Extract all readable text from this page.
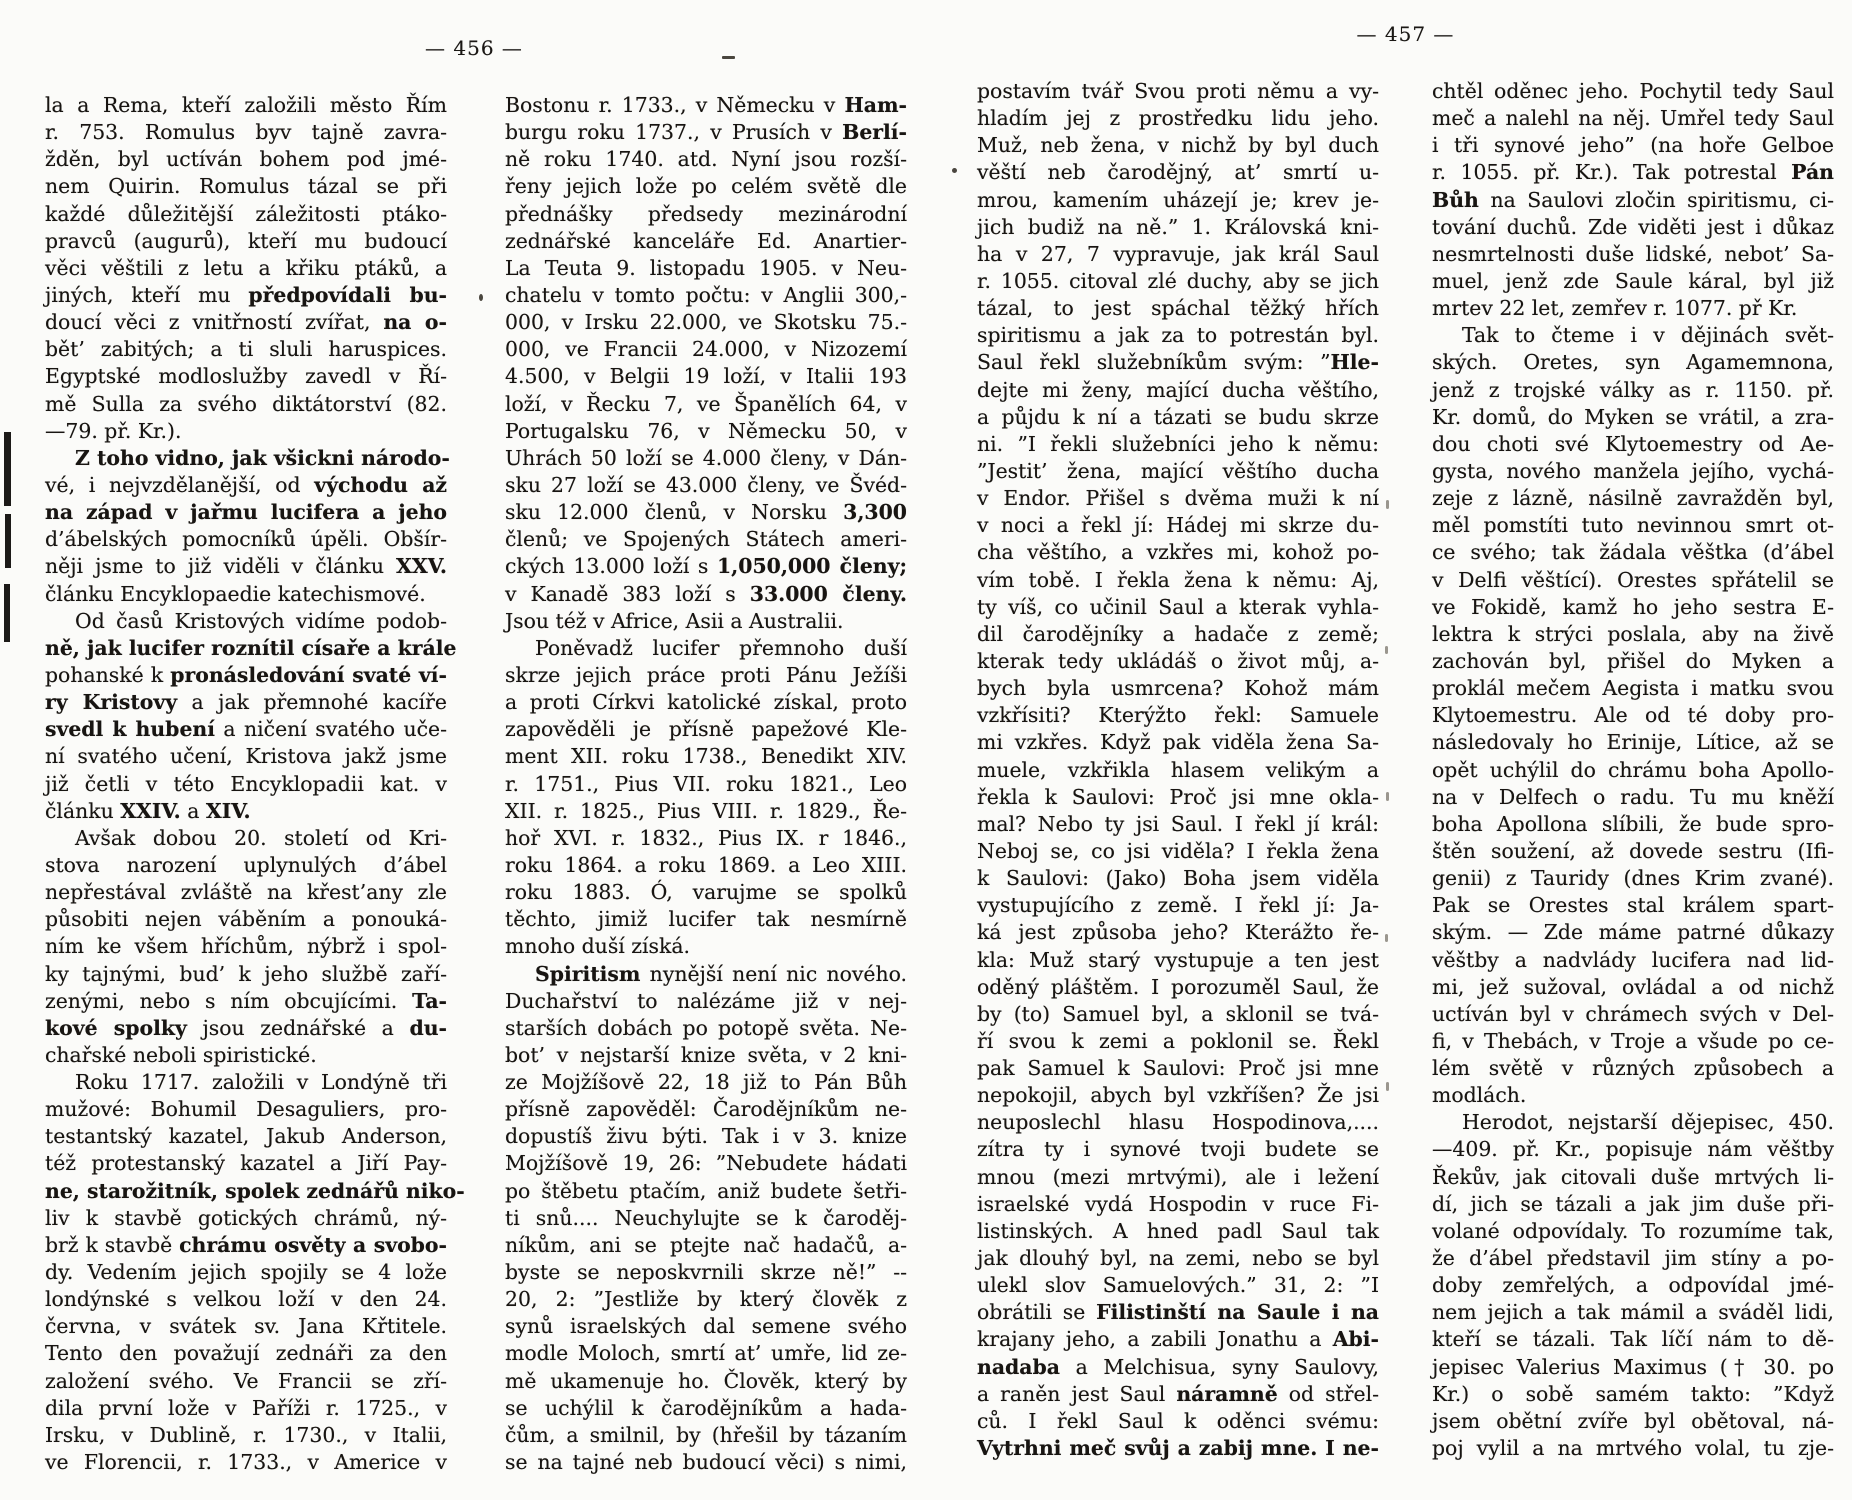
— 456 —
la a Rema, kteří založili město Řím
r. 753. Romulus byv tajně zavra-
žděn, byl uctíván bohem pod jmé-
nem Quirin. Romulus tázal se při
každé důležitější záležitosti ptáko-
pravců (augurů), kteří mu budoucí
věci věštili z letu a křiku ptáků, a
jiných, kteří mu předpovídali bu-
doucí věci z vnitřností zvířat, na o-
bět’ zabitých; a ti sluli haruspices.
Egyptské modloslužby zavedl v Ří-
mě Sulla za svého diktátorství (82.
—79. př. Kr.).
Z toho vidno, jak všickni národo-
vé, i nejvzdělanější, od východu až
na západ v jařmu lucifera a jeho
d’ábelských pomocníků úpěli. Obšír-
něji jsme to již viděli v článku XXV.
článku Encyklopaedie katechismové.
Od časů Kristových vidíme podob-
ně, jak lucifer roznítil císaře a krále
pohanské k pronásledování svaté ví-
ry Kristovy a jak přemnohé kacíře
svedl k hubení a ničení svatého uče-
ní svatého učení, Kristova jakž jsme
již četli v této Encyklopadii kat. v
článku XXIV. a XIV.
Avšak dobou 20. století od Kri-
stova narození uplynulých d’ábel
nepřestával zvláště na křest’any zle
působiti nejen váběním a ponouká-
ním ke všem hříchům, nýbrž i spol-
ky tajnými, bud’ k jeho službě zaří-
zenými, nebo s ním obcujícími. Ta-
kové spolky jsou zednářské a du-
chařské neboli spiristické.
Roku 1717. založili v Londýně tři
mužové: Bohumil Desaguliers, pro-
testantský kazatel, Jakub Anderson,
též protestanský kazatel a Jiří Pay-
ne, starožitník, spolek zednářů niko-
liv k stavbě gotických chrámů, ný-
brž k stavbě chrámu osvěty a svobo-
dy. Vedením jejich spojily se 4 lože
londýnské s velkou loží v den 24.
června, v svátek sv. Jana Křtitele.
Tento den považují zednáři za den
založení svého. Ve Francii se zří-
dila první lože v Paříži r. 1725., v
Irsku, v Dublině, r. 1730., v Italii,
ve Florencii, r. 1733., v Americe v
Bostonu r. 1733., v Německu v Ham-
burgu roku 1737., v Prusích v Berlí-
ně roku 1740. atd. Nyní jsou rozší-
řeny jejich lože po celém světě dle
přednášky předsedy mezinárodní
zednářské kanceláře Ed. Anartier-
La Teuta 9. listopadu 1905. v Neu-
chatelu v tomto počtu: v Anglii 300,-
000, v Irsku 22.000, ve Skotsku 75.-
000, ve Francii 24.000, v Nizozemí
4.500, v Belgii 19 loží, v Italii 193
loží, v Řecku 7, ve Španělích 64, v
Portugalsku 76, v Německu 50, v
Uhrách 50 loží se 4.000 členy, v Dán-
sku 27 loží se 43.000 členy, ve Švéd-
sku 12.000 členů, v Norsku 3,300
členů; ve Spojených Státech ameri-
ckých 13.000 loží s 1,050,000 členy;
v Kanadě 383 loží s 33.000 členy.
Jsou též v Africe, Asii a Australii.
Poněvadž lucifer přemnoho duší
skrze jejich práce proti Pánu Ježíši
a proti Církvi katolické získal, proto
zapověděli je přísně papežové Kle-
ment XII. roku 1738., Benedikt XIV.
r. 1751., Pius VII. roku 1821., Leo
XII. r. 1825., Pius VIII. r. 1829., Ře-
hoř XVI. r. 1832., Pius IX. r 1846.,
roku 1864. a roku 1869. a Leo XIII.
roku 1883. Ó, varujme se spolků
těchto, jimiž lucifer tak nesmírně
mnoho duší získá.
Spiritism nynější není nic nového.
Duchařství to nalézáme již v nej-
starších dobách po potopě světa. Ne-
bot’ v nejstarší knize světa, v 2 kni-
ze Mojžíšově 22, 18 již to Pán Bůh
přísně zapověděl: Čarodějníkům ne-
dopustíš živu býti. Tak i v 3. knize
Mojžíšově 19, 26: ”Nebudete hádati
po štěbetu ptačím, aniž budete šetři-
ti snů.... Neuchylujte se k čaroděj-
níkům, ani se ptejte nač hadačů, a-
byste se neposkvrnili skrze ně!” --
20, 2: ”Jestliže by který člověk z
synů israelských dal semene svého
modle Moloch, smrtí at’ umře, lid ze-
mě ukamenuje ho. Člověk, který by
se uchýlil k čarodějníkům a hada-
čům, a smilnil, by (hřešil by tázaním
se na tajné neb budoucí věci) s nimi,
— 457 —
postavím tvář Svou proti němu a vy-
hladím jej z prostředku lidu jeho.
Muž, neb žena, v nichž by byl duch
věští neb čarodějný, at’ smrtí u-
mrou, kamením uházejí je; krev je-
jich budiž na ně.” 1. Královská kni-
ha v 27, 7 vypravuje, jak král Saul
r. 1055. citoval zlé duchy, aby se jich
tázal, to jest spáchal těžký hřích
spiritismu a jak za to potrestán byl.
Saul řekl služebníkům svým: ”Hle-
dejte mi ženy, mající ducha věštího,
a půjdu k ní a tázati se budu skrze
ni. ”I řekli služebníci jeho k němu:
”Jestit’ žena, mající věštího ducha
v Endor. Přišel s dvěma muži k ní
v noci a řekl jí: Hádej mi skrze du-
cha věštího, a vzkřes mi, kohož po-
vím tobě. I řekla žena k němu: Aj,
ty víš, co učinil Saul a kterak vyhla-
dil čarodějníky a hadače z země;
kterak tedy ukládáš o život můj, a-
bych byla usmrcena? Kohož mám
vzkřísiti? Kterýžto řekl: Samuele
mi vzkřes. Když pak viděla žena Sa-
muele, vzkřikla hlasem velikým a
řekla k Saulovi: Proč jsi mne okla-
mal? Nebo ty jsi Saul. I řekl jí král:
Neboj se, co jsi viděla? I řekla žena
k Saulovi: (Jako) Boha jsem viděla
vystupujícího z země. I řekl jí: Ja-
ká jest způsoba jeho? Kterážto ře-
kla: Muž starý vystupuje a ten jest
oděný pláštěm. I porozuměl Saul, že
by (to) Samuel byl, a sklonil se tvá-
ří svou k zemi a poklonil se. Řekl
pak Samuel k Saulovi: Proč jsi mne
nepokojil, abych byl vzkříšen? Že jsi
neuposlechl hlasu Hospodinova,....
zítra ty i synové tvoji budete se
mnou (mezi mrtvými), ale i ležení
israelské vydá Hospodin v ruce Fi-
listinských. A hned padl Saul tak
jak dlouhý byl, na zemi, nebo se byl
ulekl slov Samuelových.” 31, 2: ”I
obrátili se Filistinští na Saule i na
krajany jeho, a zabili Jonathu a Abi-
nadaba a Melchisua, syny Saulovy,
a raněn jest Saul náramně od střel-
ců. I řekl Saul k oděnci svému:
Vytrhni meč svůj a zabij mne. I ne-
chtěl oděnec jeho. Pochytil tedy Saul
meč a nalehl na něj. Umřel tedy Saul
i tři synové jeho” (na hoře Gelboe
r. 1055. př. Kr.). Tak potrestal Pán
Bůh na Saulovi zločin spiritismu, ci-
tování duchů. Zde viděti jest i důkaz
nesmrtelnosti duše lidské, nebot’ Sa-
muel, jenž zde Saule káral, byl již
mrtev 22 let, zemřev r. 1077. př Kr.
Tak to čteme i v dějinách svět-
ských. Oretes, syn Agamemnona,
jenž z trojské války as r. 1150. př.
Kr. domů, do Myken se vrátil, a zra-
dou choti své Klytoemestry od Ae-
gysta, nového manžela jejího, vychá-
zeje z lázně, násilně zavražděn byl,
měl pomstíti tuto nevinnou smrt ot-
ce svého; tak žádala věštka (d’ábel
v Delfi věštící). Orestes spřátelil se
ve Fokidě, kamž ho jeho sestra E-
lektra k strýci poslala, aby na živě
zachován byl, přišel do Myken a
proklál mečem Aegista i matku svou
Klytoemestru. Ale od té doby pro-
následovaly ho Erinije, Lítice, až se
opět uchýlil do chrámu boha Apollo-
na v Delfech o radu. Tu mu kněží
boha Apollona slíbili, že bude spro-
štěn soužení, až dovede sestru (Ifi-
genii) z Tauridy (dnes Krim zvané).
Pak se Orestes stal králem spart-
ským. — Zde máme patrné důkazy
věštby a nadvlády lucifera nad lid-
mi, jež sužoval, ovládal a od nichž
uctíván byl v chrámech svých v Del-
fi, v Thebách, v Troje a všude po ce-
lém světě v různých způsobech a
modlách.
Herodot, nejstarší dějepisec, 450.
—409. př. Kr., popisuje nám věštby
Řekův, jak citovali duše mrtvých li-
dí, jich se tázali a jak jim duše při-
volané odpovídaly. To rozumíme tak,
že d’ábel představil jim stíny a po-
doby zemřelých, a odpovídal jmé-
nem jejich a tak mámil a sváděl lidi,
kteří se tázali. Tak líčí nám to dě-
jepisec Valerius Maximus († 30. po
Kr.) o sobě samém takto: ”Když
jsem obětní zvíře byl obětoval, ná-
poj vylil a na mrtvého volal, tu zje-
